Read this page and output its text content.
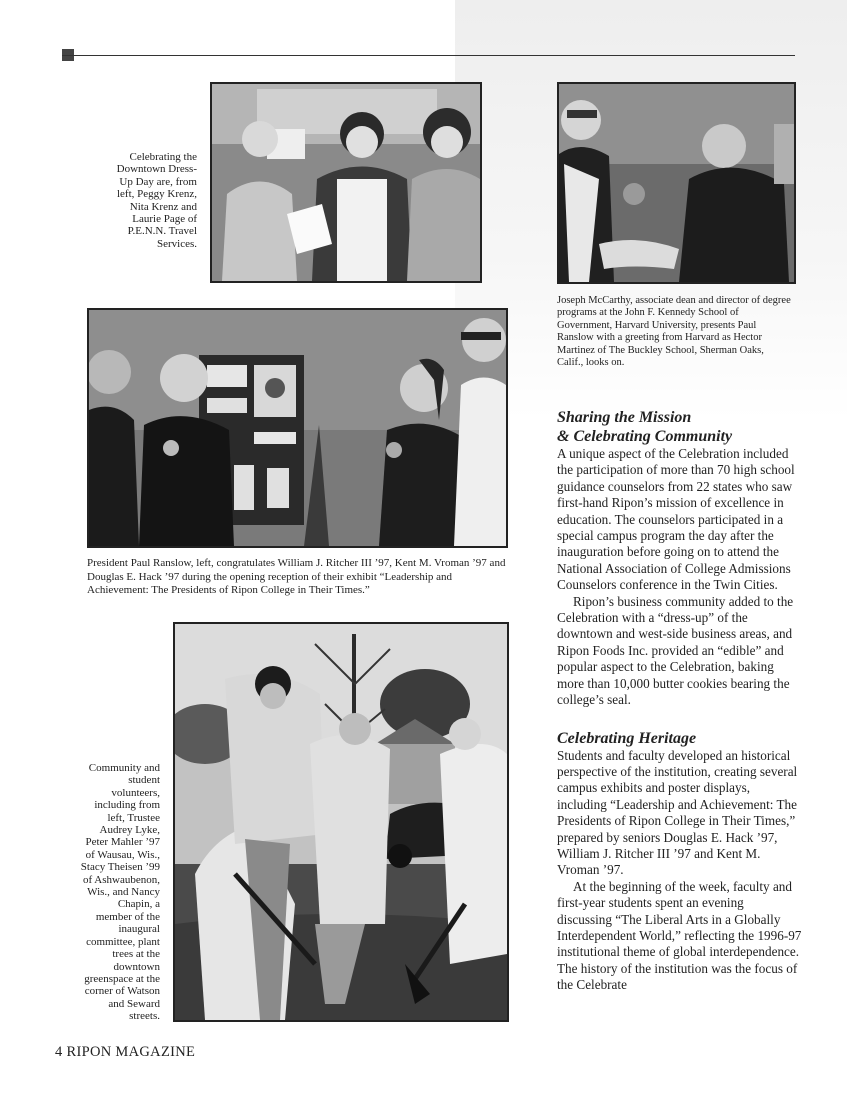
Celebrating the Downtown Dress-Up Day are, from left, Peggy Krenz, Nita Krenz and Laurie Page of P.E.N.N. Travel Services.
Joseph McCarthy, associate dean and director of degree programs at the John F. Kennedy School of Government, Harvard University, presents Paul Ranslow with a greeting from Harvard as Hector Martinez of The Buckley School, Sherman Oaks, Calif., looks on.
President Paul Ranslow, left, congratulates William J. Ritcher III ’97, Kent M. Vroman ’97 and Douglas E. Hack ’97 during the opening reception of their exhibit “Leadership and Achievement: The Presidents of Ripon College in Their Times.”
Community and student volunteers, including from left, Trustee Audrey Lyke, Peter Mahler ’97 of Wausau, Wis., Stacy Theisen ’99 of Ashwaubenon, Wis., and Nancy Chapin, a member of the inaugural committee, plant trees at the downtown greenspace at the corner of Watson and Seward streets.
Sharing the Mission
& Celebrating Community

A unique aspect of the Celebration included the participation of more than 70 high school guidance counselors from 22 states who saw first-hand Ripon’s mission of excellence in education. The counselors participated in a special campus program the day after the inauguration before going on to attend the National Association of College Admissions Counselors conference in the Twin Cities.

Ripon’s business community added to the Celebration with a “dress-up” of the downtown and west-side business areas, and Ripon Foods Inc. provided an “edible” and popular aspect to the Celebration, baking more than 10,000 butter cookies bearing the college’s seal.

Celebrating Heritage

Students and faculty developed an historical perspective of the institution, creating several campus exhibits and poster displays, including “Leadership and Achievement: The Presidents of Ripon College in Their Times,” prepared by seniors Douglas E. Hack ’97, William J. Ritcher III ’97 and Kent M. Vroman ’97.

At the beginning of the week, faculty and first-year students spent an evening discussing “The Liberal Arts in a Globally Interdependent World,” reflecting the 1996-97 institutional theme of global interdependence. The history of the institution was the focus of the Celebrate

4 RIPON MAGAZINE
